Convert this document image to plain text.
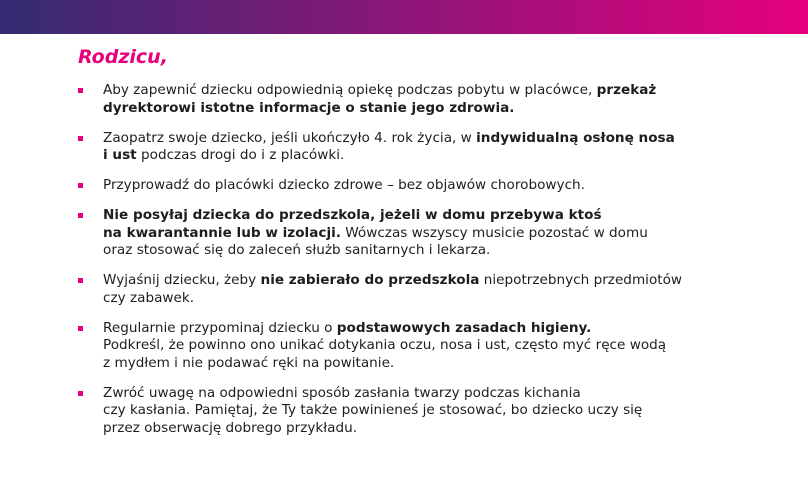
Rodzicu,
Aby zapewnić dziecku odpowiednią opiekę podczas pobytu w placówce, przekaż
dyrektorowi istotne informacje o stanie jego zdrowia.
Zaopatrz swoje dziecko, jeśli ukończyło 4. rok życia, w indywidualną osłonę nosa
i ust podczas drogi do i z placówki.
Przyprowadź do placówki dziecko zdrowe – bez objawów chorobowych.
Nie posyłaj dziecka do przedszkola, jeżeli w domu przebywa ktoś
na kwarantannie lub w izolacji. Wówczas wszyscy musicie pozostać w domu
oraz stosować się do zaleceń służb sanitarnych i lekarza.
Wyjaśnij dziecku, żeby nie zabierało do przedszkola niepotrzebnych przedmiotów
czy zabawek.
Regularnie przypominaj dziecku o podstawowych zasadach higieny.
Podkreśl, że powinno ono unikać dotykania oczu, nosa i ust, często myć ręce wodą
z mydłem i nie podawać ręki na powitanie.
Zwróć uwagę na odpowiedni sposób zasłania twarzy podczas kichania
czy kasłania. Pamiętaj, że Ty także powinieneś je stosować, bo dziecko uczy się
przez obserwację dobrego przykładu.
